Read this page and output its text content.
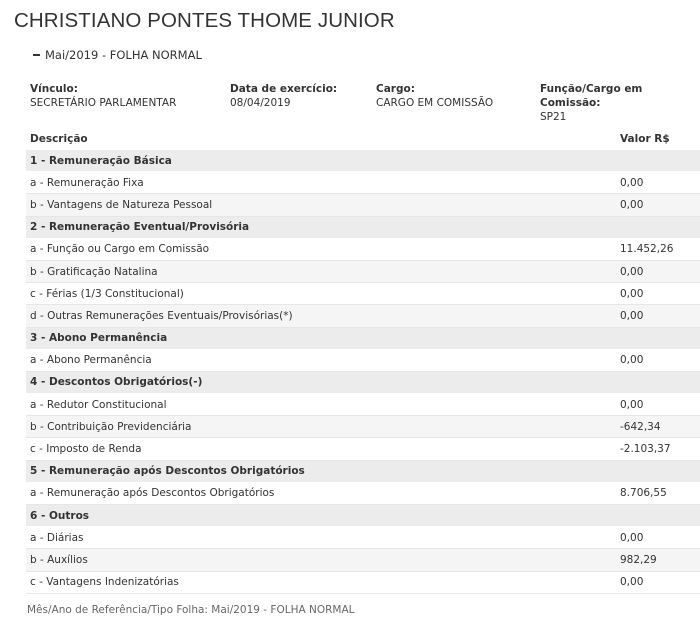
CHRISTIANO PONTES THOME JUNIOR
Mai/2019 - FOLHA NORMAL
Vínculo:
SECRETÁRIO PARLAMENTAR
Data de exercício:
08/04/2019
Cargo:
CARGO EM COMISSÃO
Função/Cargo em Comissão:
SP21
Descrição	Valor R$
1 - Remuneração Básica	
a - Remuneração Fixa	0,00
b - Vantagens de Natureza Pessoal	0,00
2 - Remuneração Eventual/Provisória	
a - Função ou Cargo em Comissão	11.452,26
b - Gratificação Natalina	0,00
c - Férias (1/3 Constitucional)	0,00
d - Outras Remunerações Eventuais/Provisórias(*)	0,00
3 - Abono Permanência	
a - Abono Permanência	0,00
4 - Descontos Obrigatórios(-)	
a - Redutor Constitucional	0,00
b - Contribuição Previdenciária	-642,34
c - Imposto de Renda	-2.103,37
5 - Remuneração após Descontos Obrigatórios	
a - Remuneração após Descontos Obrigatórios	8.706,55
6 - Outros	
a - Diárias	0,00
b - Auxílios	982,29
c - Vantagens Indenizatórias	0,00
Mês/Ano de Referência/Tipo Folha: Mai/2019 - FOLHA NORMAL
